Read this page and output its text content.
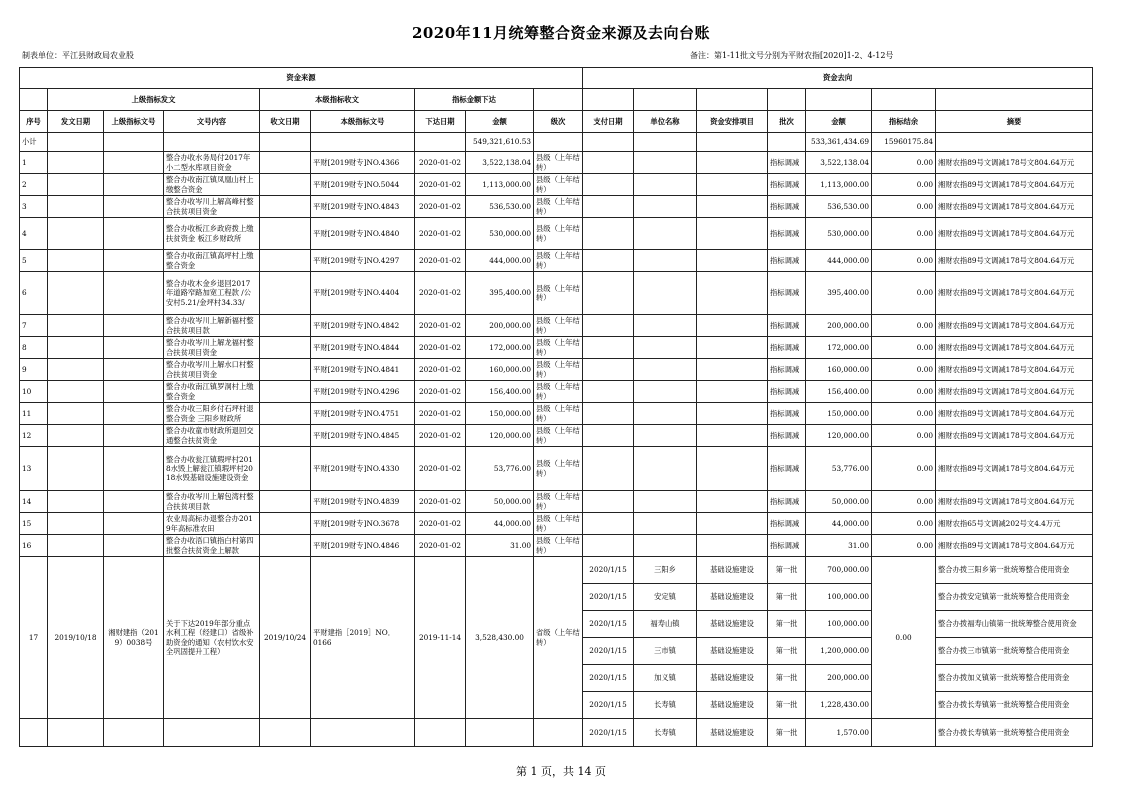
2020年11月统筹整合资金来源及去向台账
制表单位：平江县财政局农业股	备注：第1-11批文号分别为平财农指[2020]1-2、4-12号
资金来源									资金去向						
	上级指标发文			本级指标收文		指标金额下达									
序号	发文日期	上级指标文号	文号内容	收文日期	本级指标文号	下达日期	金额	级次	支付日期	单位名称	资金安排项目	批次	金额	指标结余	摘要
小计							549,321,610.53						533,361,434.69	15960175.84	
1			整合办收水务局付2017年小二型水库项目资金		平财[2019财专]NO.4366	2020-01-02	3,522,138.04	县级（上年结转）				指标调减	3,522,138.04	0.00	湘财农指89号文调减178号文804.64万元
2			整合办收南江镇凤凰山村上缴整合资金		平财[2019财专]NO.5044	2020-01-02	1,113,000.00	县级（上年结转）				指标调减	1,113,000.00	0.00	湘财农指89号文调减178号文804.64万元
3			整合办收岑川上解高峰村整合扶贫项目资金		平财[2019财专]NO.4843	2020-01-02	536,530.00	县级（上年结转）				指标调减	536,530.00	0.00	湘财农指89号文调减178号文804.64万元
4			整合办收板江乡政府拨上缴扶贫资金 板江乡财政所		平财[2019财专]NO.4840	2020-01-02	530,000.00	县级（上年结转）				指标调减	530,000.00	0.00	湘财农指89号文调减178号文804.64万元
5			整合办收南江镇高坪村上缴整合资金		平财[2019财专]NO.4297	2020-01-02	444,000.00	县级（上年结转）				指标调减	444,000.00	0.00	湘财农指89号文调减178号文804.64万元
6			整合办收木金乡退回2017年道路窄路加宽工程款 /公安村5.21/金坪村34.33/		平财[2019财专]NO.4404	2020-01-02	395,400.00	县级（上年结转）				指标调减	395,400.00	0.00	湘财农指89号文调减178号文804.64万元
7			整合办收岑川上解新福村整合扶贫项目款		平财[2019财专]NO.4842	2020-01-02	200,000.00	县级（上年结转）				指标调减	200,000.00	0.00	湘财农指89号文调减178号文804.64万元
8			整合办收岑川上解龙福村整合扶贫项目资金		平财[2019财专]NO.4844	2020-01-02	172,000.00	县级（上年结转）				指标调减	172,000.00	0.00	湘财农指89号文调减178号文804.64万元
9			整合办收岑川上解水口村整合扶贫项目资金		平财[2019财专]NO.4841	2020-01-02	160,000.00	县级（上年结转）				指标调减	160,000.00	0.00	湘财农指89号文调减178号文804.64万元
10			整合办收南江镇罗洞村上缴整合资金		平财[2019财专]NO.4296	2020-01-02	156,400.00	县级（上年结转）				指标调减	156,400.00	0.00	湘财农指89号文调减178号文804.64万元
11			整合办收三阳乡付石坪村退整合资金 三阳乡财政所		平财[2019财专]NO.4751	2020-01-02	150,000.00	县级（上年结转）				指标调减	150,000.00	0.00	湘财农指89号文调减178号文804.64万元
12			整合办收童市财政所退回交通整合扶贫资金		平财[2019财专]NO.4845	2020-01-02	120,000.00	县级（上年结转）				指标调减	120,000.00	0.00	湘财农指89号文调减178号文804.64万元
13			整合办收瓮江镇瑕坪村2018水毁上解瓮江镇瑕坪村2018水毁基础设施建设资金		平财[2019财专]NO.4330	2020-01-02	53,776.00	县级（上年结转）				指标调减	53,776.00	0.00	湘财农指89号文调减178号文804.64万元
14			整合办收岑川上解包湾村整合扶贫项目款		平财[2019财专]NO.4839	2020-01-02	50,000.00	县级（上年结转）				指标调减	50,000.00	0.00	湘财农指89号文调减178号文804.64万元
15			农业局高标办退整合办2019年高标准农田		平财[2019财专]NO.3678	2020-01-02	44,000.00	县级（上年结转）				指标调减	44,000.00	0.00	湘财农指65号文调减202号文4.4万元
16			整合办收浯口镇指白村第四批整合扶贫资金上解款		平财[2019财专]NO.4846	2020-01-02	31.00	县级（上年结转）				指标调减	31.00	0.00	湘财农指89号文调减178号文804.64万元
17	2019/10/18	湘财建指（2019）0038号	关于下达2019年部分重点水利工程（经建口）省级补助资金的通知（农村饮水安全巩固提升工程）	2019/10/24	平财建指［2019］NO．0166	2019-11-14	3,528,430.00	省级（上年结转）	2020/1/15	三阳乡	基础设施建设	第一批	700,000.00	0.00	整合办拨三阳乡第一批统筹整合使用资金
									2020/1/15	安定镇	基础设施建设	第一批	100,000.00		整合办拨安定镇第一批统筹整合使用资金
									2020/1/15	福寿山镇	基础设施建设	第一批	100,000.00		整合办拨福寿山镇第一批统筹整合使用资金
									2020/1/15	三市镇	基础设施建设	第一批	1,200,000.00		整合办拨三市镇第一批统筹整合使用资金
									2020/1/15	加义镇	基础设施建设	第一批	200,000.00		整合办拨加义镇第一批统筹整合使用资金
									2020/1/15	长寿镇	基础设施建设	第一批	1,228,430.00		整合办拨长寿镇第一批统筹整合使用资金
									2020/1/15	长寿镇	基础设施建设	第一批	1,570.00		整合办拨长寿镇第一批统筹整合使用资金
第 1 页，共 14 页
